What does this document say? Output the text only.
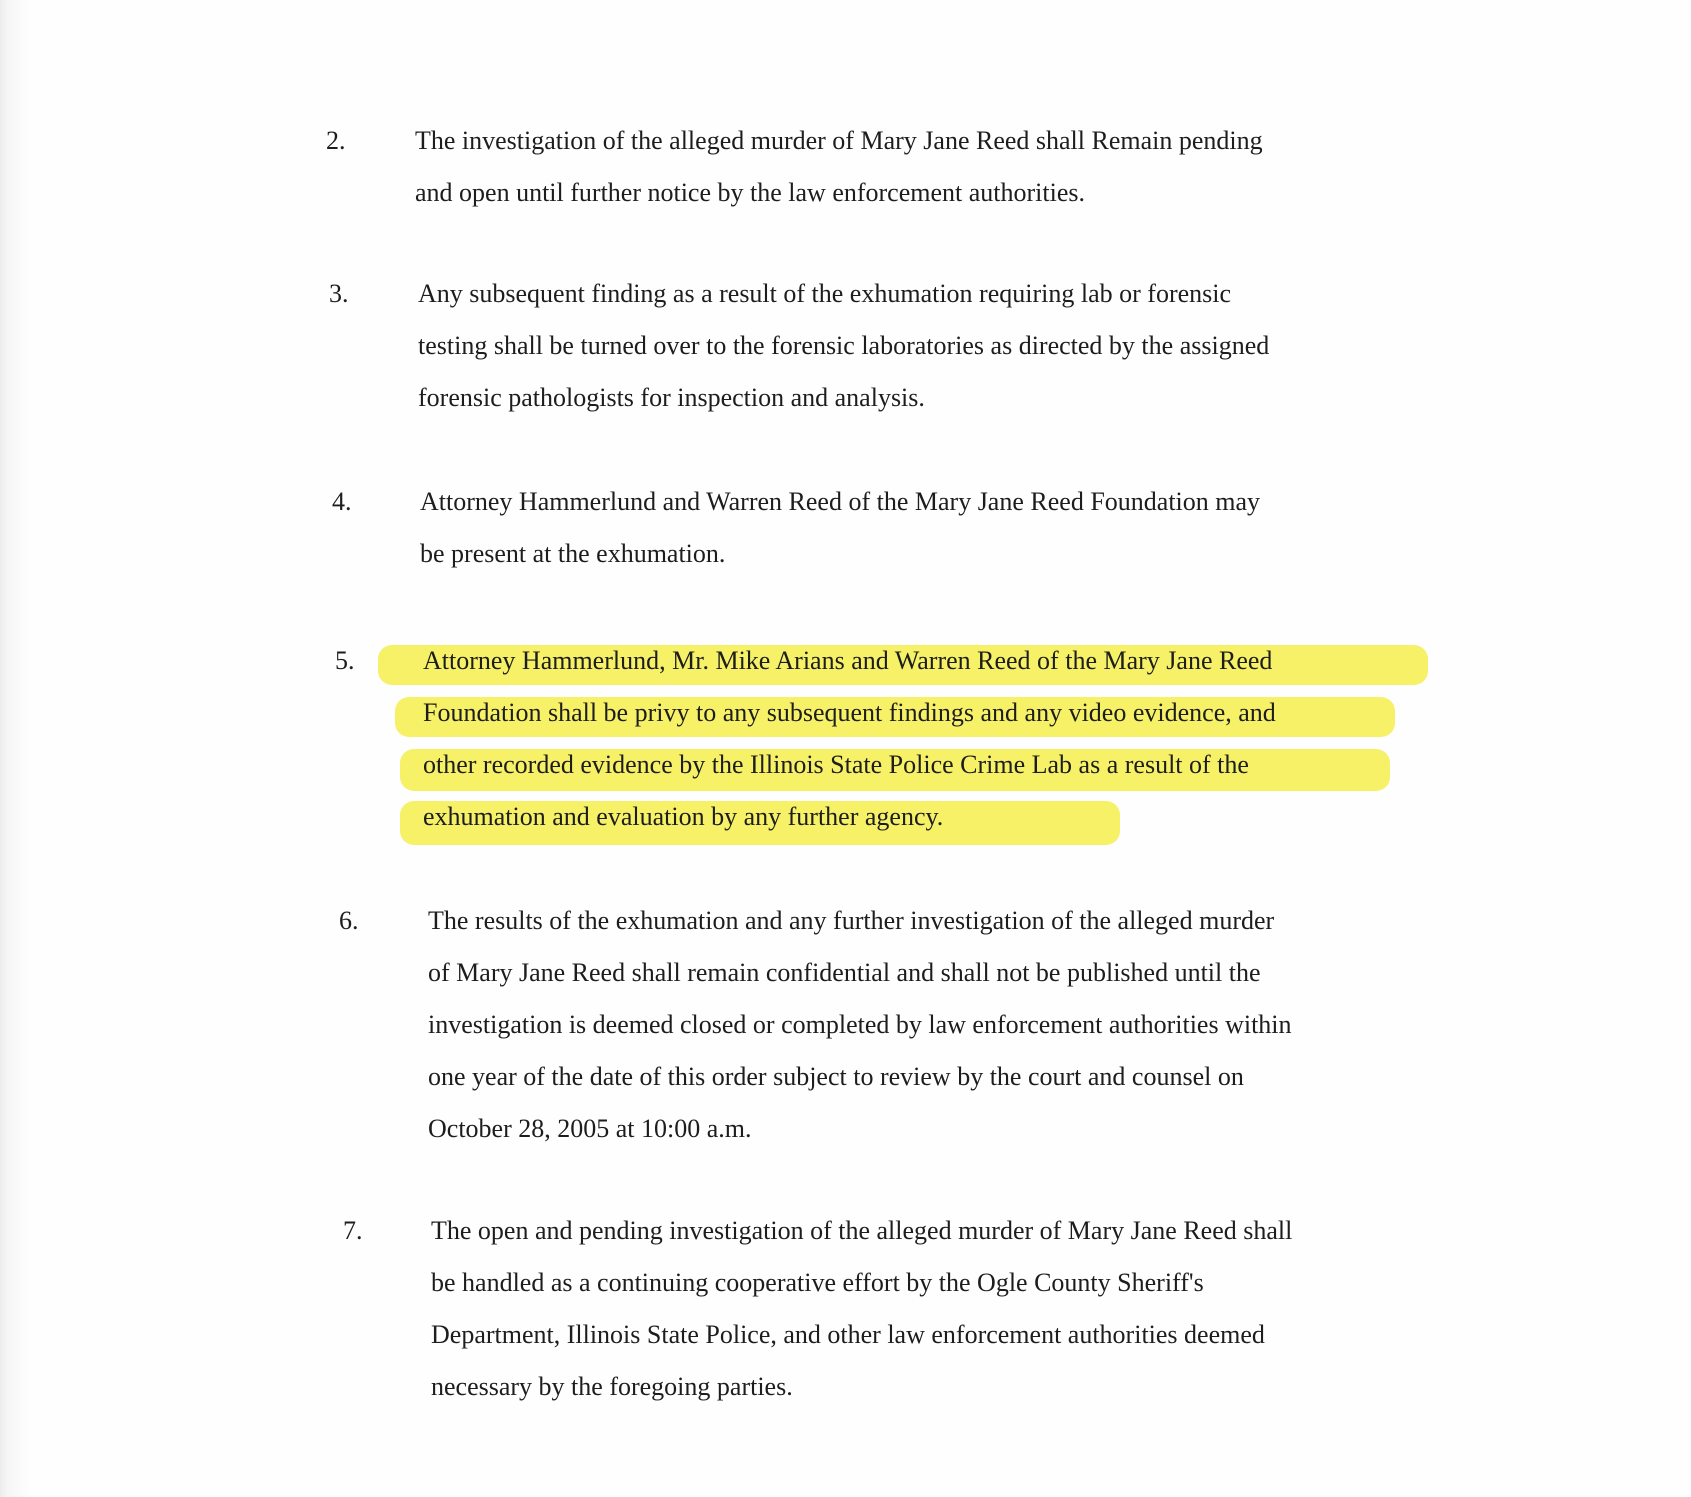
2.	The investigation of the alleged murder of Mary Jane Reed shall Remain pending
and open until further notice by the law enforcement authorities.
3.	Any subsequent finding as a result of the exhumation requiring lab or forensic
testing shall be turned over to the forensic laboratories as directed by the assigned
forensic pathologists for inspection and analysis.
4.	Attorney Hammerlund and Warren Reed of the Mary Jane Reed Foundation may
be present at the exhumation.
5.	Attorney Hammerlund, Mr. Mike Arians and Warren Reed of the Mary Jane Reed
Foundation shall be privy to any subsequent findings and any video evidence, and
other recorded evidence by the Illinois State Police Crime Lab as a result of the
exhumation and evaluation by any further agency.
6.	The results of the exhumation and any further investigation of the alleged murder
of Mary Jane Reed shall remain confidential and shall not be published until the
investigation is deemed closed or completed by law enforcement authorities within
one year of the date of this order subject to review by the court and counsel on
October 28, 2005 at 10:00 a.m.
7.	The open and pending investigation of the alleged murder of Mary Jane Reed shall
be handled as a continuing cooperative effort by the Ogle County Sheriff's
Department, Illinois State Police, and other law enforcement authorities deemed
necessary by the foregoing parties.
